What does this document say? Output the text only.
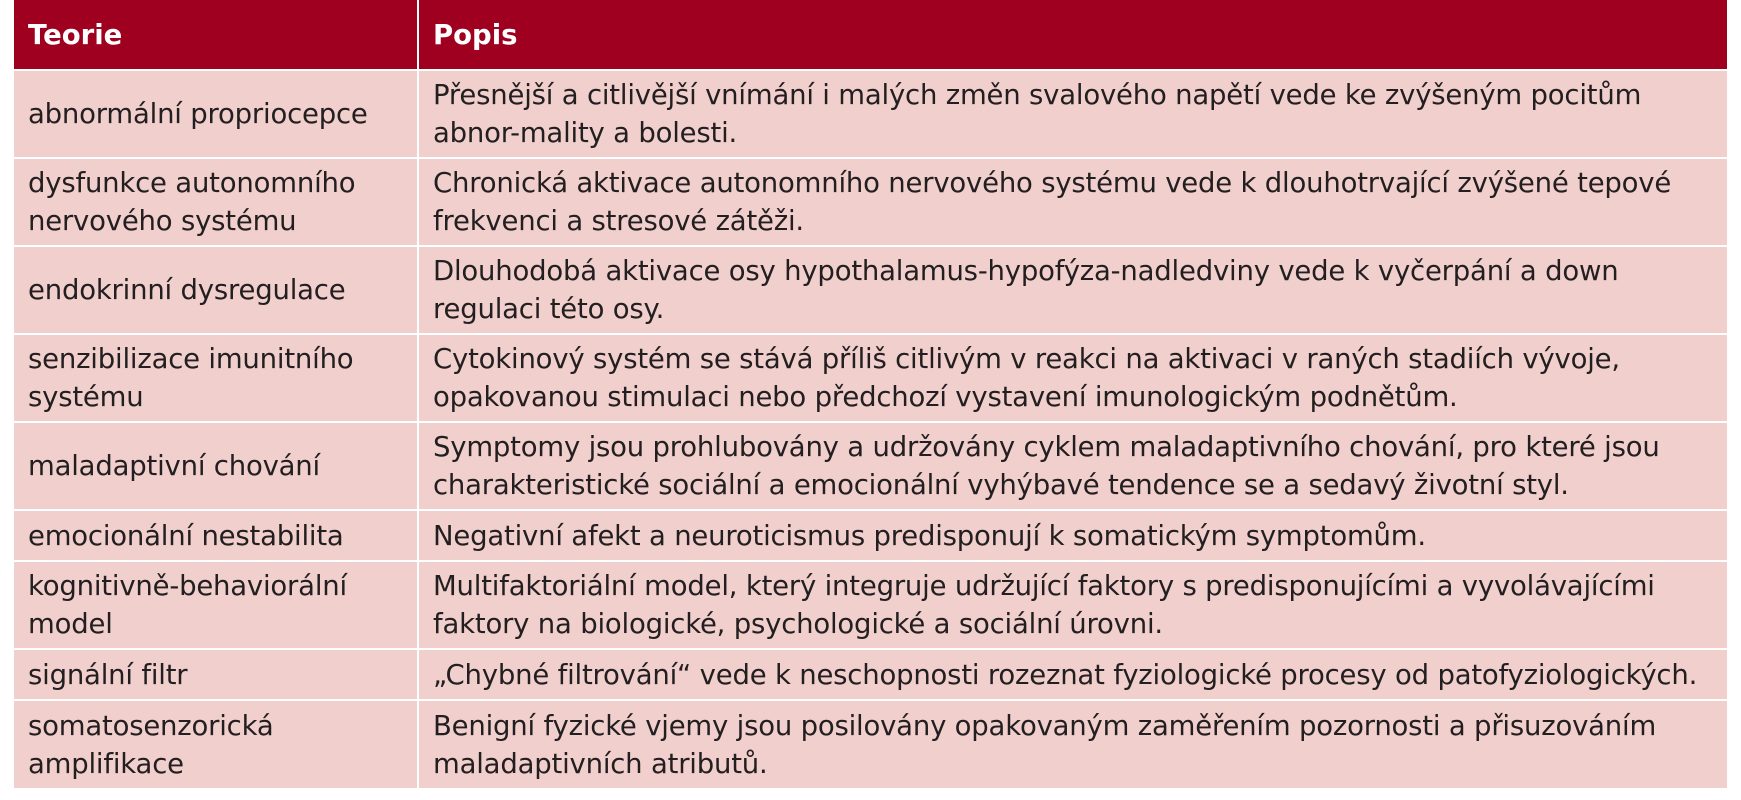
Teorie	Popis
abnormální propriocepce	Přesnější a citlivější vnímání i malých změn svalového napětí vede ke zvýšeným pocitům abnor-mality a bolesti.
dysfunkce autonomního nervového systému	Chronická aktivace autonomního nervového systému vede k dlouhotrvající zvýšené tepové frekvenci a stresové zátěži.
endokrinní dysregulace	Dlouhodobá aktivace osy hypothalamus-hypofýza-nadledviny vede k vyčerpání a down regulaci této osy.
senzibilizace imunitního systému	Cytokinový systém se stává příliš citlivým v reakci na aktivaci v raných stadiích vývoje, opakovanou stimulaci nebo předchozí vystavení imunologickým podnětům.
maladaptivní chování	Symptomy jsou prohlubovány a udržovány cyklem maladaptivního chování, pro které jsou charakteristické sociální a emocionální vyhýbavé tendence se a sedavý životní styl.
emocionální nestabilita	Negativní afekt a neuroticismus predisponují k somatickým symptomům.
kognitivně-behaviorální model	Multifaktoriální model, který integruje udržující faktory s predisponujícími a vyvolávajícími faktory na biologické, psychologické a sociální úrovni.
signální filtr	„Chybné filtrování“ vede k neschopnosti rozeznat fyziologické procesy od patofyziologických.
somatosenzorická amplifikace	Benigní fyzické vjemy jsou posilovány opakovaným zaměřením pozornosti a přisuzováním maladaptivních atributů.
